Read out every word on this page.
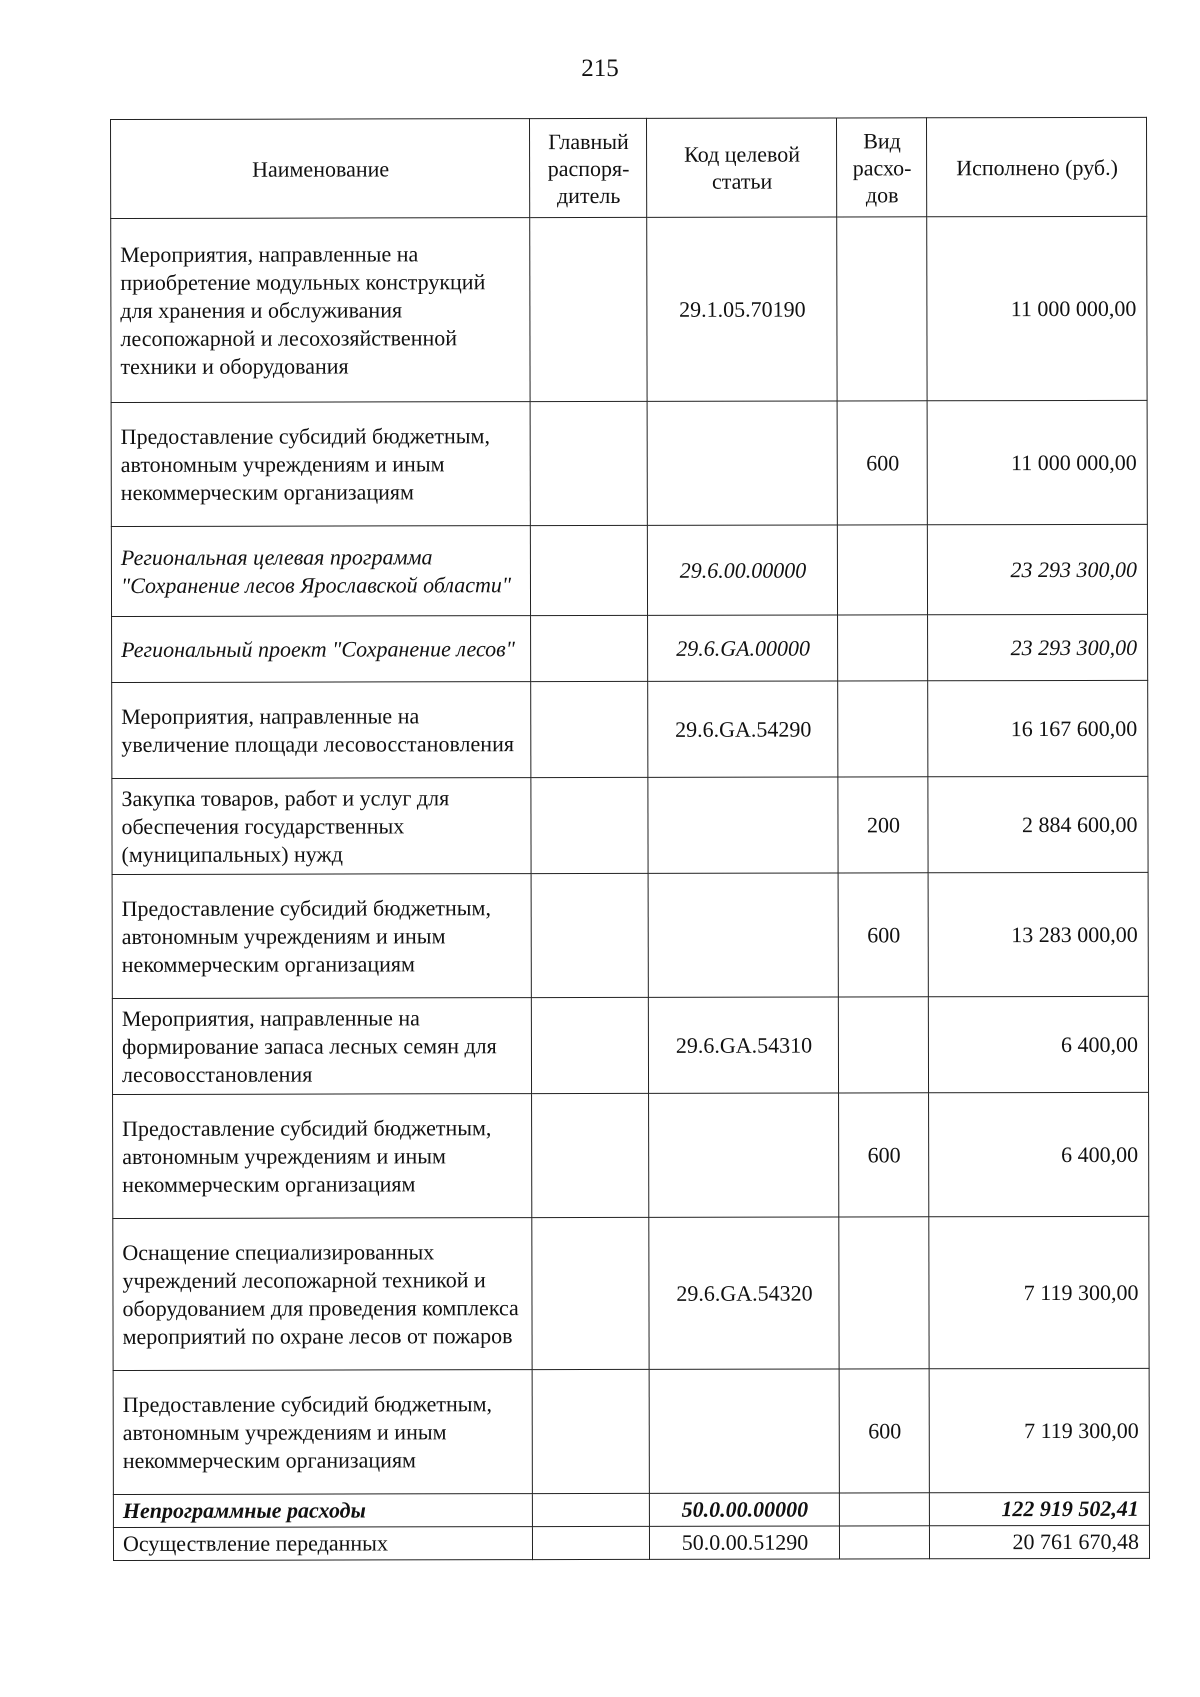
215
Наименование	Главный распоря-дитель	Код целевой статьи	Вид расхо-дов	Исполнено (руб.)
Мероприятия, направленные на приобретение модульных конструкций для хранения и обслуживания лесопожарной и лесохозяйственной техники и оборудования		29.1.05.70190		11 000 000,00
Предоставление субсидий бюджетным, автономным учреждениям и иным некоммерческим организациям			600	11 000 000,00
Региональная целевая программа "Сохранение лесов Ярославской области"		29.6.00.00000		23 293 300,00
Региональный проект "Сохранение лесов"		29.6.GA.00000		23 293 300,00
Мероприятия, направленные на увеличение площади лесовосстановления		29.6.GA.54290		16 167 600,00
Закупка товаров, работ и услуг для обеспечения государственных (муниципальных) нужд			200	2 884 600,00
Предоставление субсидий бюджетным, автономным учреждениям и иным некоммерческим организациям			600	13 283 000,00
Мероприятия, направленные на формирование запаса лесных семян для лесовосстановления		29.6.GA.54310		6 400,00
Предоставление субсидий бюджетным, автономным учреждениям и иным некоммерческим организациям			600	6 400,00
Оснащение специализированных учреждений лесопожарной техникой и оборудованием для проведения комплекса мероприятий по охране лесов от пожаров		29.6.GA.54320		7 119 300,00
Предоставление субсидий бюджетным, автономным учреждениям и иным некоммерческим организациям			600	7 119 300,00
Непрограммные расходы		50.0.00.00000		122 919 502,41
Осуществление переданных		50.0.00.51290		20 761 670,48
